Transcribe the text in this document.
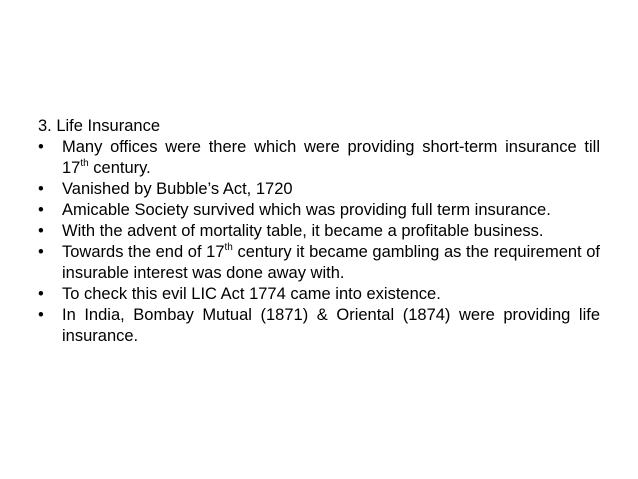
3. Life Insurance
•	Many offices were there which were providing short-term insurance till 17th century.
•	Vanished by Bubble’s Act, 1720
•	Amicable Society survived which was providing full term insurance.
•	With the advent of mortality table, it became a profitable business.
•	Towards the end of 17th century it became gambling as the requirement of insurable interest was done away with.
•	To check this evil LIC Act 1774 came into existence.
•	In India, Bombay Mutual (1871) & Oriental (1874) were providing life insurance.
